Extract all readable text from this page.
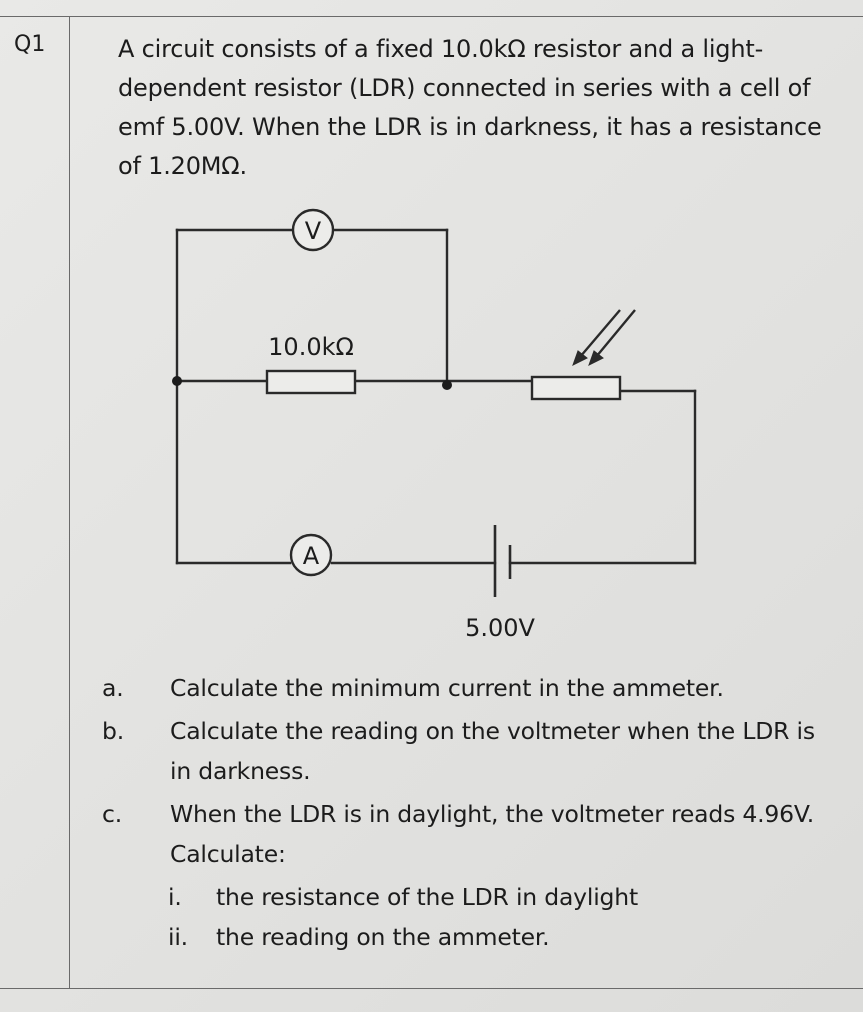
Q1	A circuit consists of a fixed 10.0kΩ resistor and a light-dependent resistor (LDR) connected in series with a cell of emf 5.00V. When the LDR is in darkness, it has a resistance of 1.20MΩ.
10.0kΩ
V
A
5.00V
a.	Calculate the minimum current in the ammeter.
b.	Calculate the reading on the voltmeter when the LDR is in darkness.
c.	When the LDR is in daylight, the voltmeter reads 4.96V. Calculate:
i.	the resistance of the LDR in daylight
ii.	the reading on the ammeter.
